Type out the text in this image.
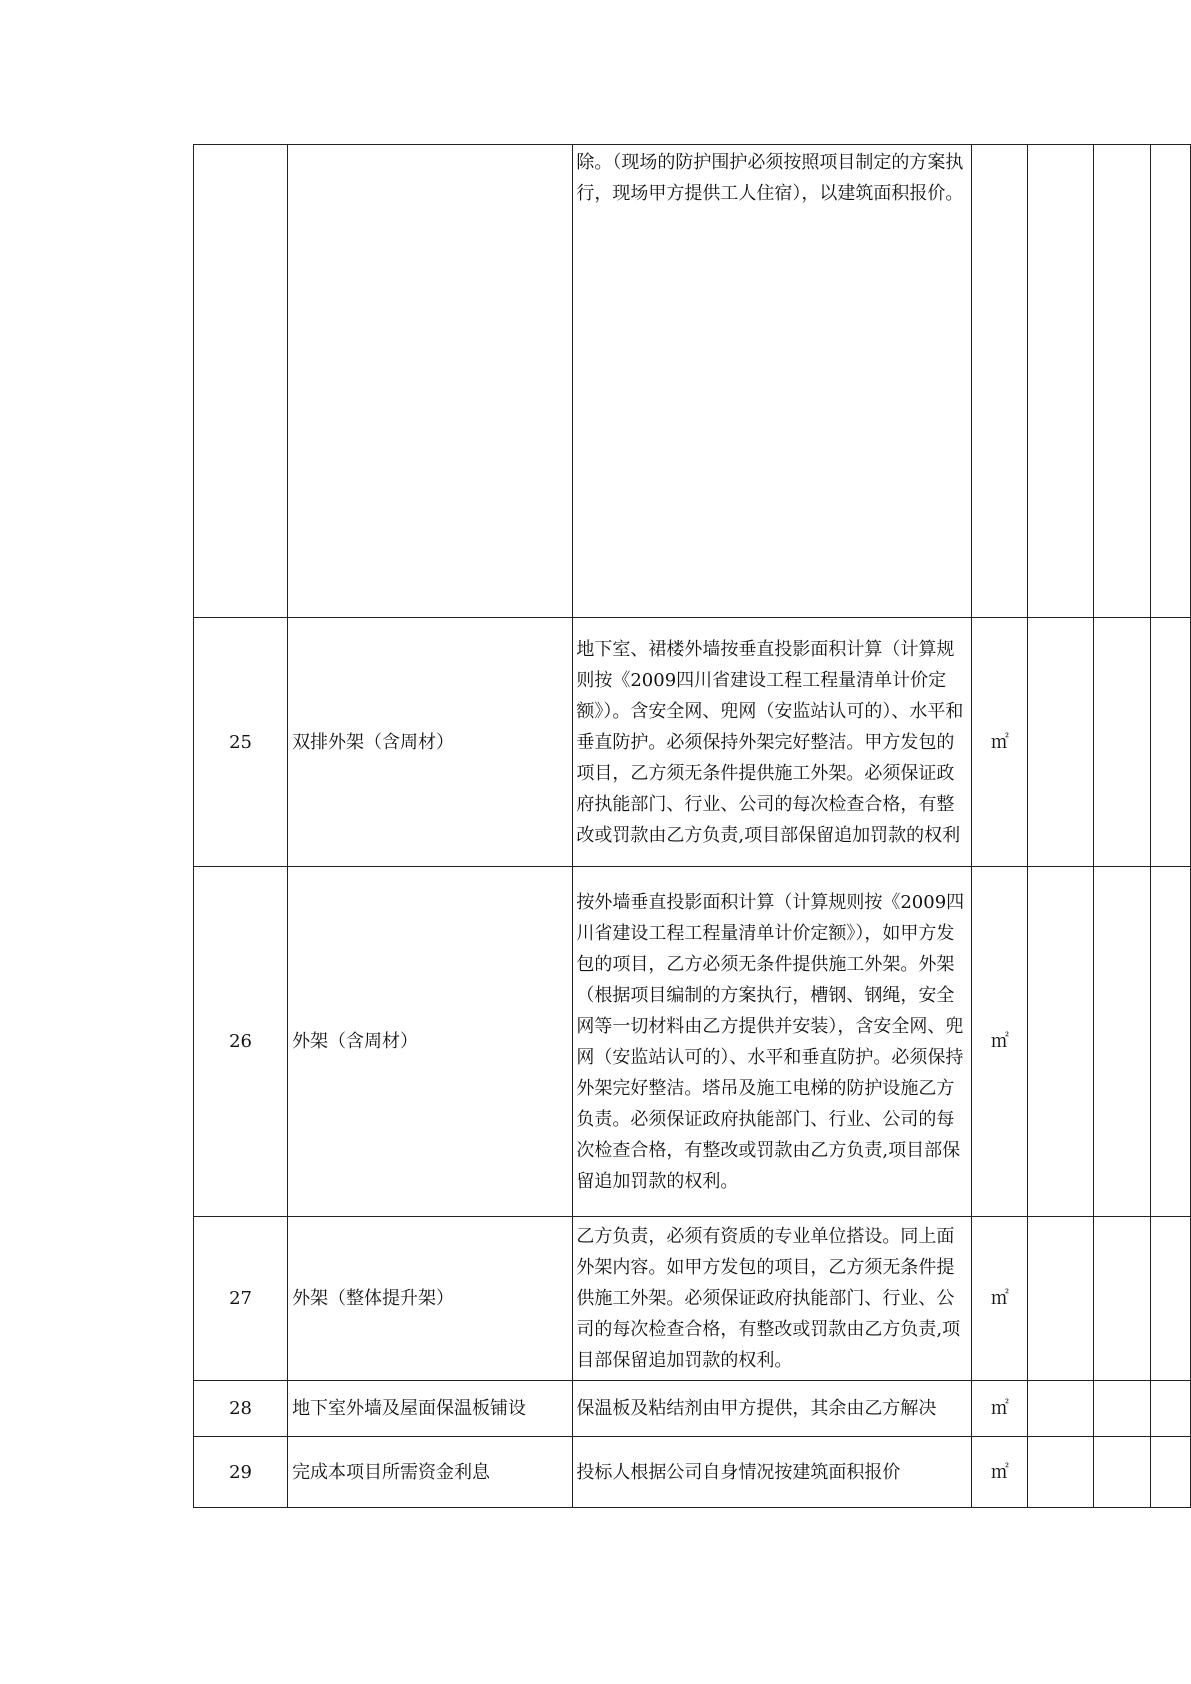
		除。（现场的防护围护必须按照项目制定的方案执行，现场甲方提供工人住宿），以建筑面积报价。				
25	双排外架（含周材）	地下室、裙楼外墙按垂直投影面积计算（计算规则按《2009四川省建设工程工程量清单计价定额》）。含安全网、兜网（安监站认可的）、水平和垂直防护。必须保持外架完好整洁。甲方发包的项目，乙方须无条件提供施工外架。必须保证政府执能部门、行业、公司的每次检查合格，有整改或罚款由乙方负责,项目部保留追加罚款的权利	㎡			
26	外架（含周材）	按外墙垂直投影面积计算（计算规则按《2009四川省建设工程工程量清单计价定额》），如甲方发包的项目，乙方必须无条件提供施工外架。外架（根据项目编制的方案执行，槽钢、钢绳，安全网等一切材料由乙方提供并安装），含安全网、兜网（安监站认可的）、水平和垂直防护。必须保持外架完好整洁。塔吊及施工电梯的防护设施乙方负责。必须保证政府执能部门、行业、公司的每次检查合格，有整改或罚款由乙方负责,项目部保留追加罚款的权利。	㎡			
27	外架（整体提升架）	乙方负责，必须有资质的专业单位搭设。同上面外架内容。如甲方发包的项目，乙方须无条件提供施工外架。必须保证政府执能部门、行业、公司的每次检查合格，有整改或罚款由乙方负责,项目部保留追加罚款的权利。	㎡			
28	地下室外墙及屋面保温板铺设	保温板及粘结剂由甲方提供，其余由乙方解决	㎡			
29	完成本项目所需资金利息	投标人根据公司自身情况按建筑面积报价	㎡			
